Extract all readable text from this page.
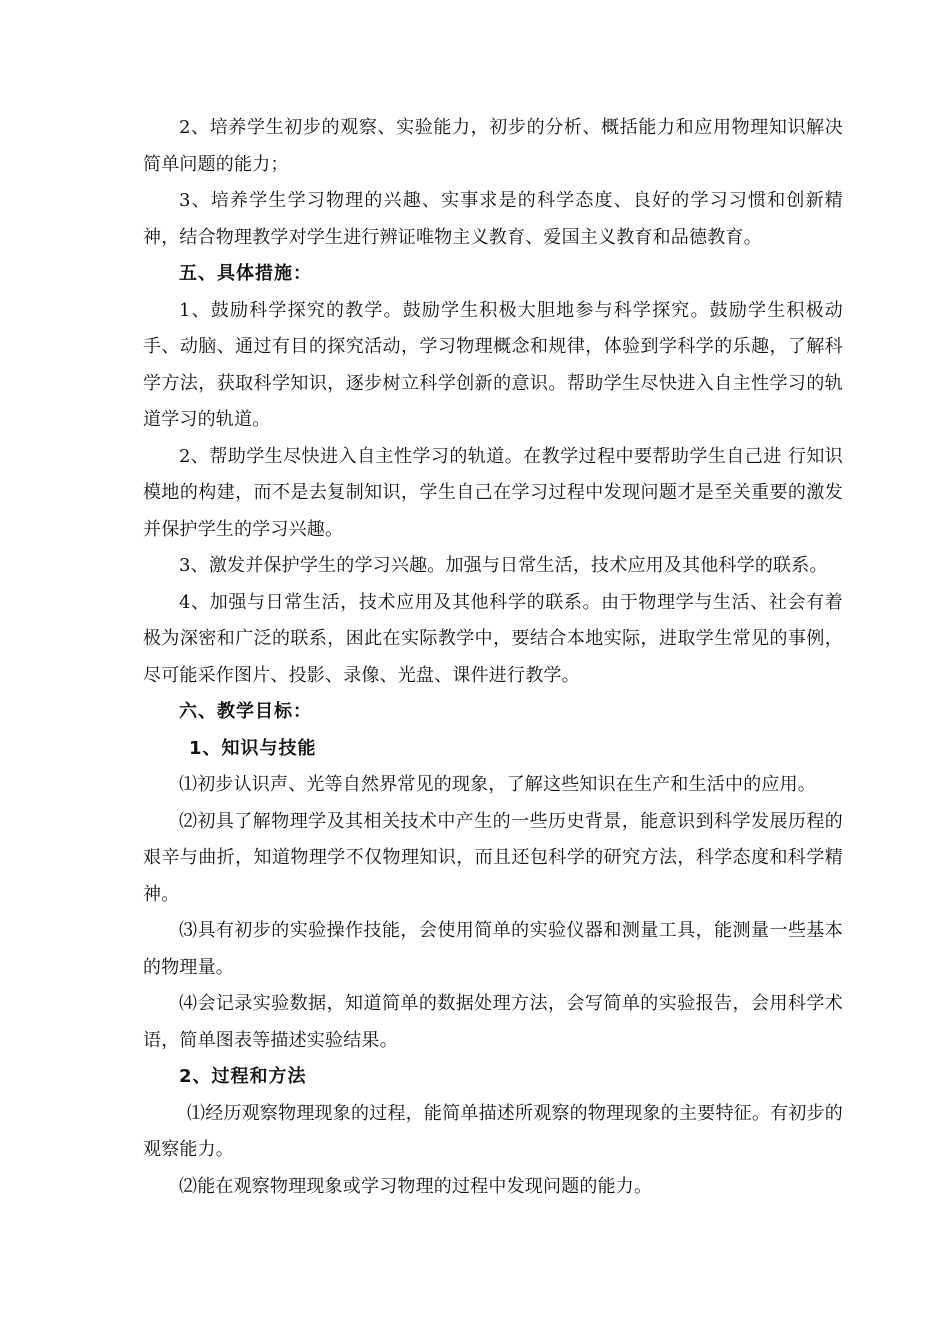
2、培养学生初步的观察、实验能力，初步的分析、概括能力和应用物理知识解决简单问题的能力；

3、培养学生学习物理的兴趣、实事求是的科学态度、良好的学习习惯和创新精神，结合物理教学对学生进行辨证唯物主义教育、爱国主义教育和品德教育。

五、具体措施：

1、鼓励科学探究的教学。鼓励学生积极大胆地参与科学探究。鼓励学生积极动手、动脑、通过有目的探究活动，学习物理概念和规律，体验到学科学的乐趣，了解科学方法，获取科学知识，逐步树立科学创新的意识。帮助学生尽快进入自主性学习的轨道学习的轨道。

2、帮助学生尽快进入自主性学习的轨道。在教学过程中要帮助学生自己进 行知识模地的构建，而不是去复制知识，学生自己在学习过程中发现问题才是至关重要的激发并保护学生的学习兴趣。

3、激发并保护学生的学习兴趣。加强与日常生活，技术应用及其他科学的联系。

4、加强与日常生活，技术应用及其他科学的联系。由于物理学与生活、社会有着极为深密和广泛的联系，困此在实际教学中，要结合本地实际，进取学生常见的事例，尽可能采作图片、投影、录像、光盘、课件进行教学。

六、教学目标：

1、知识与技能

⑴初步认识声、光等自然界常见的现象，了解这些知识在生产和生活中的应用。

⑵初具了解物理学及其相关技术中产生的一些历史背景，能意识到科学发展历程的艰辛与曲折，知道物理学不仅物理知识，而且还包科学的研究方法，科学态度和科学精神。

⑶具有初步的实验操作技能，会使用简单的实验仪器和测量工具，能测量一些基本的物理量。

⑷会记录实验数据，知道简单的数据处理方法，会写简单的实验报告，会用科学术语，简单图表等描述实验结果。

2、过程和方法

⑴经历观察物理现象的过程，能简单描述所观察的物理现象的主要特征。有初步的观察能力。

⑵能在观察物理现象或学习物理的过程中发现问题的能力。
